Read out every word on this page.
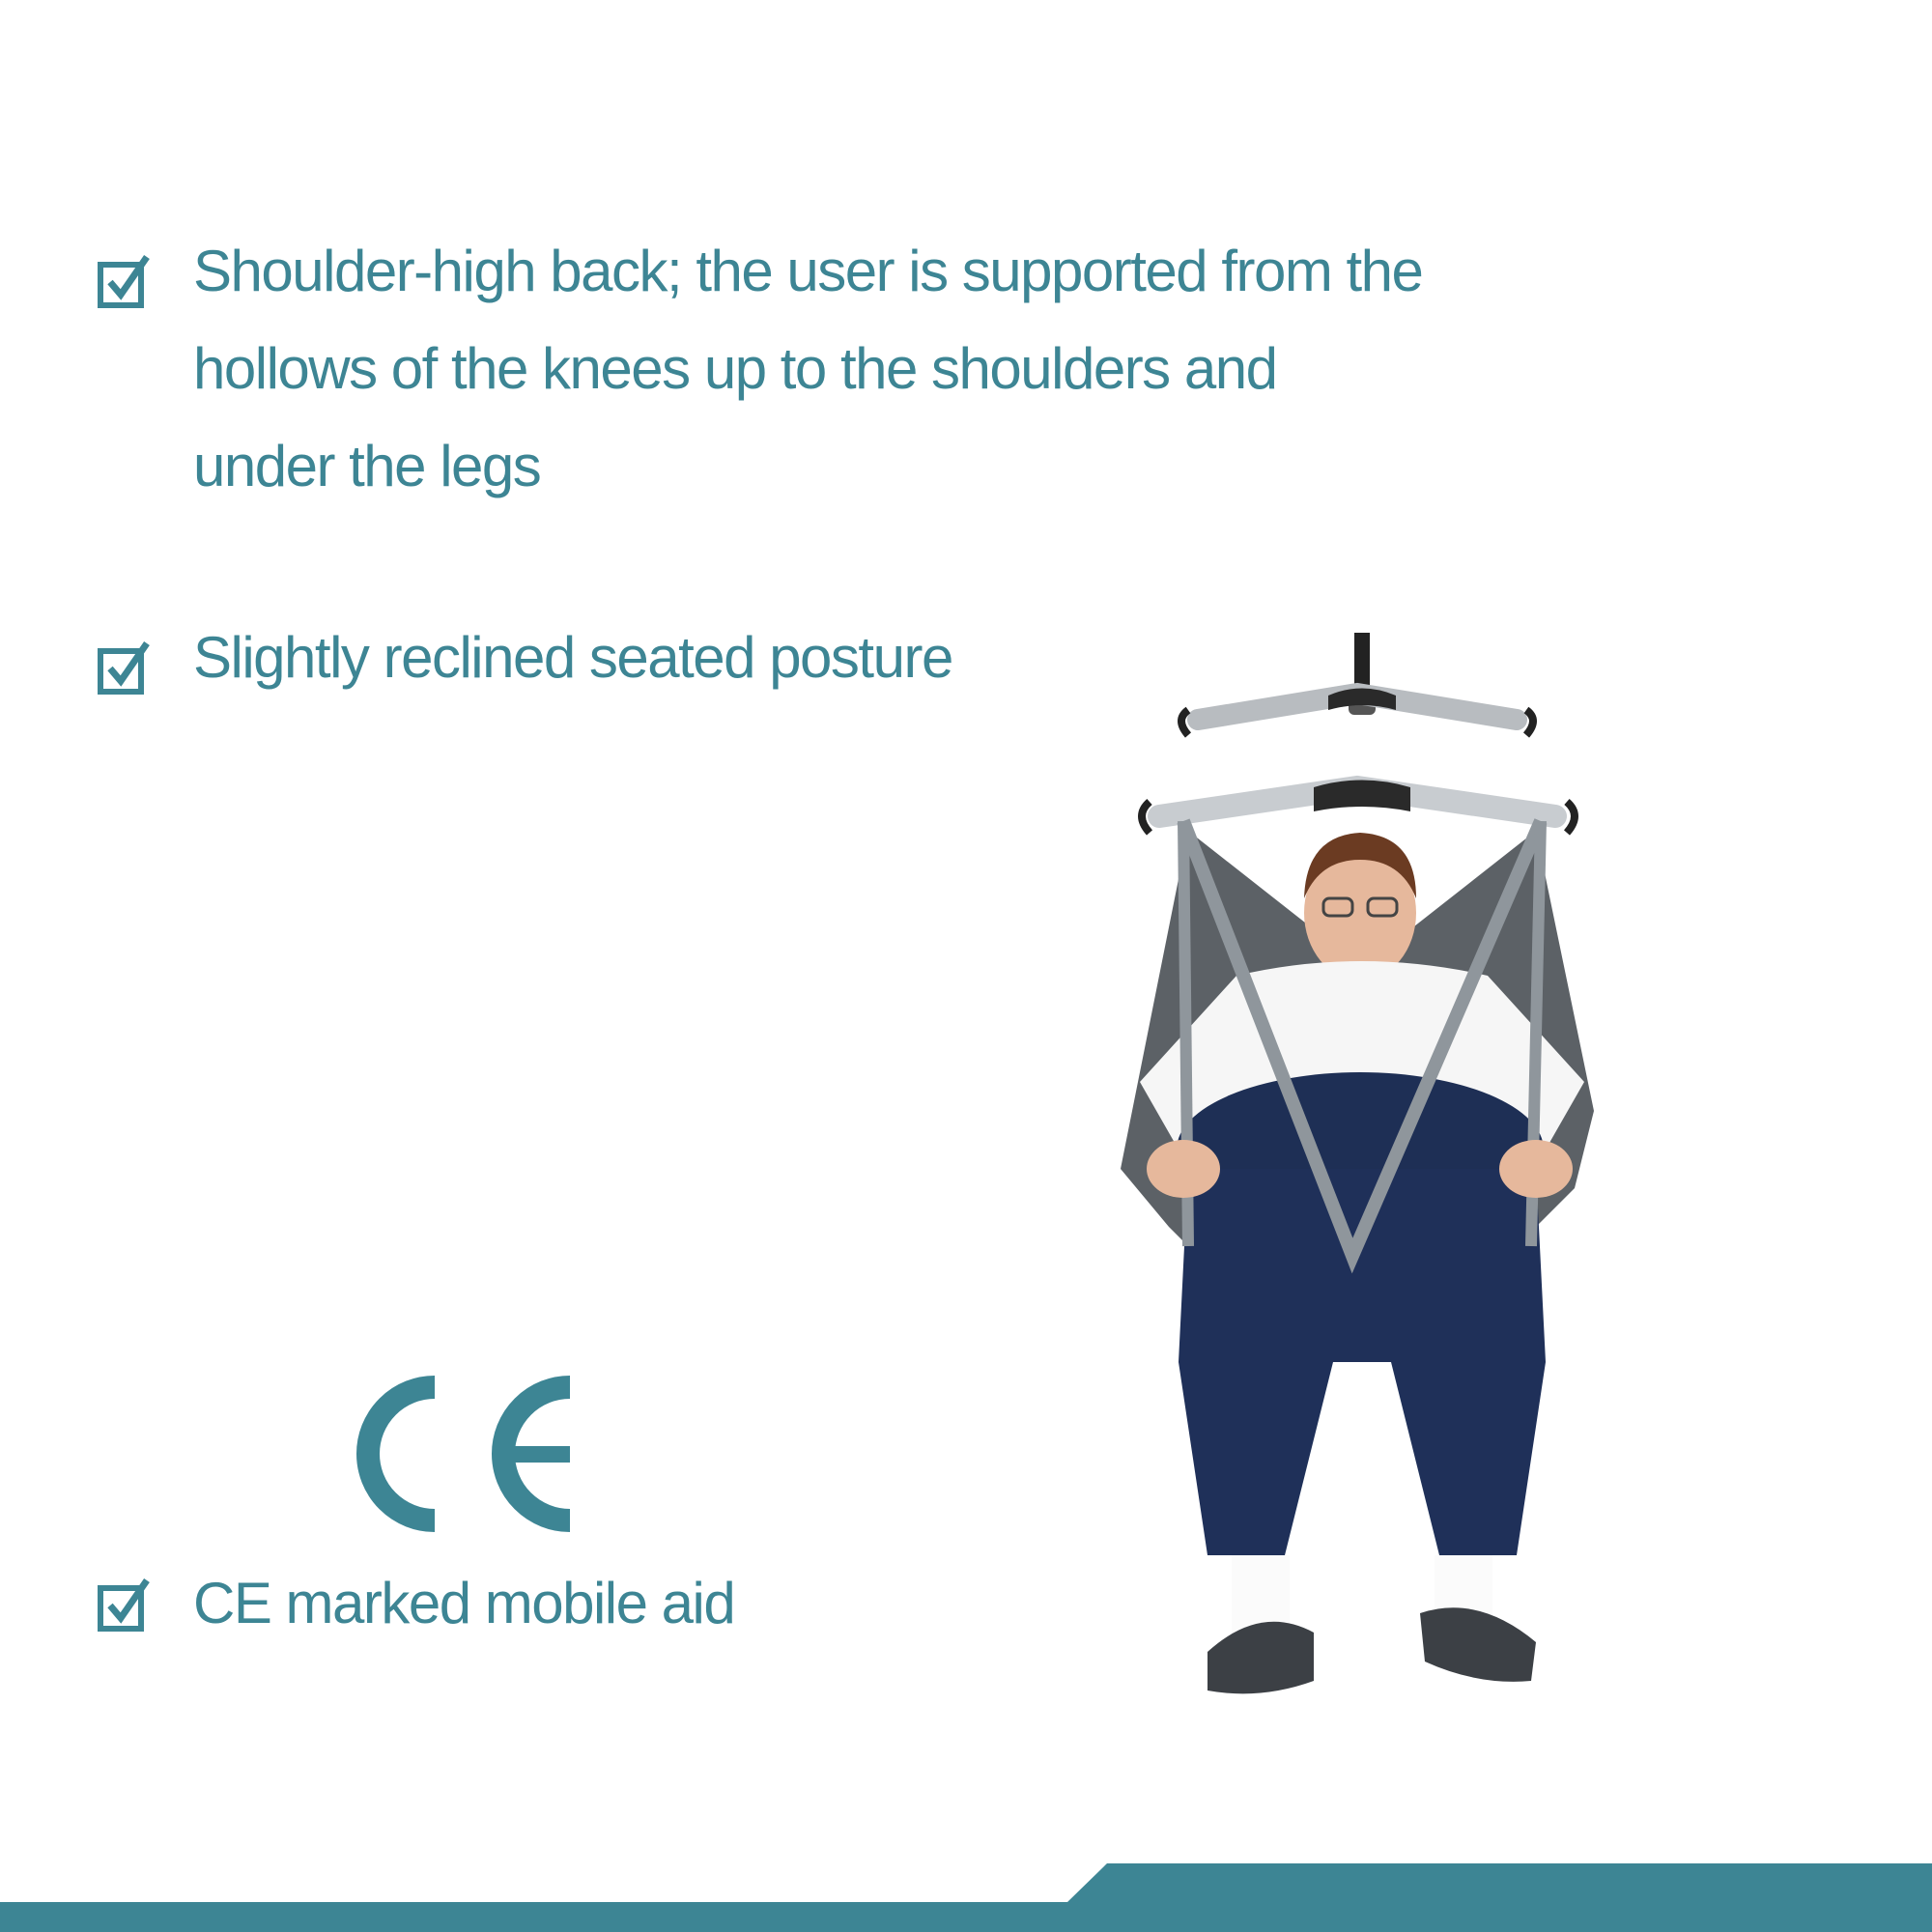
Shoulder-high back; the user is supported from the
hollows of the knees up to the shoulders and
under the legs
Slightly reclined seated posture
CE marked mobile aid
